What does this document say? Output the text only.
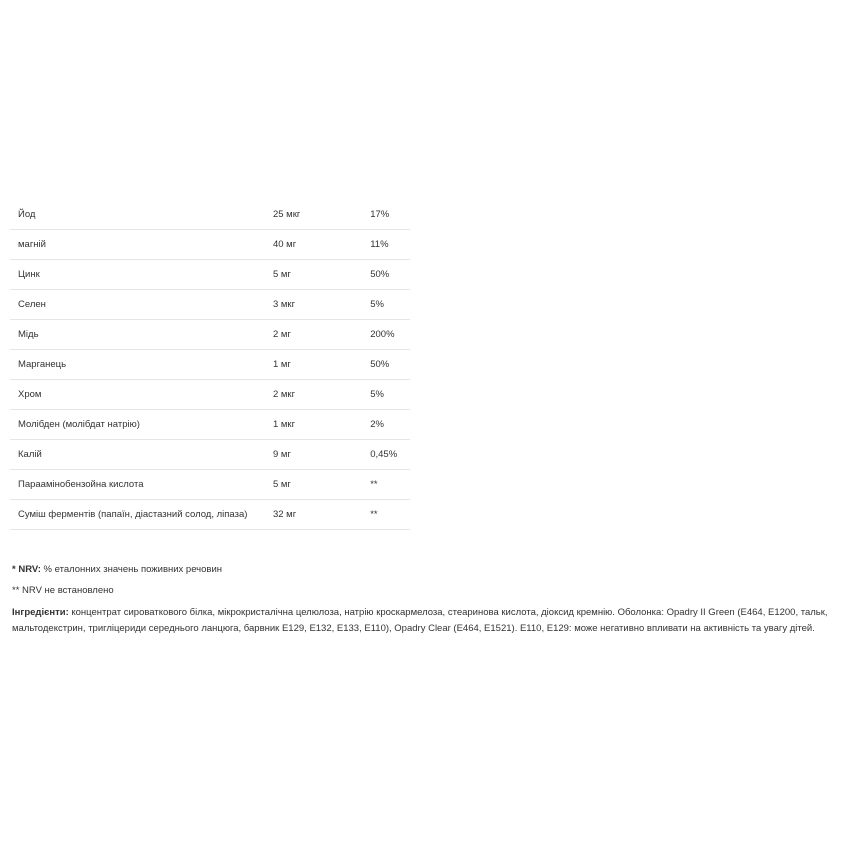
Йод	25 мкг	17%
магній	40 мг	11%
Цинк	5 мг	50%
Селен	3 мкг	5%
Мідь	2 мг	200%
Марганець	1 мг	50%
Хром	2 мкг	5%
Молібден (молібдат натрію)	1 мкг	2%
Калій	9 мг	0,45%
Параамінобензойна кислота	5 мг	**
Суміш ферментів (папаїн, діастазний солод, ліпаза)	32 мг	**

* NRV: % еталонних значень поживних речовин

** NRV не встановлено

Інгредієнти: концентрат сироваткового білка, мікрокристалічна целюлоза, натрію кроскармелоза, стеаринова кислота, діоксид кремнію. Оболонка: Opadry II Green (E464, E1200, тальк, мальтодекстрин, тригліцериди середнього ланцюга, барвник E129, E132, E133, E110), Opadry Clear (E464, E1521). E110, E129: може негативно впливати на активність та увагу дітей.
